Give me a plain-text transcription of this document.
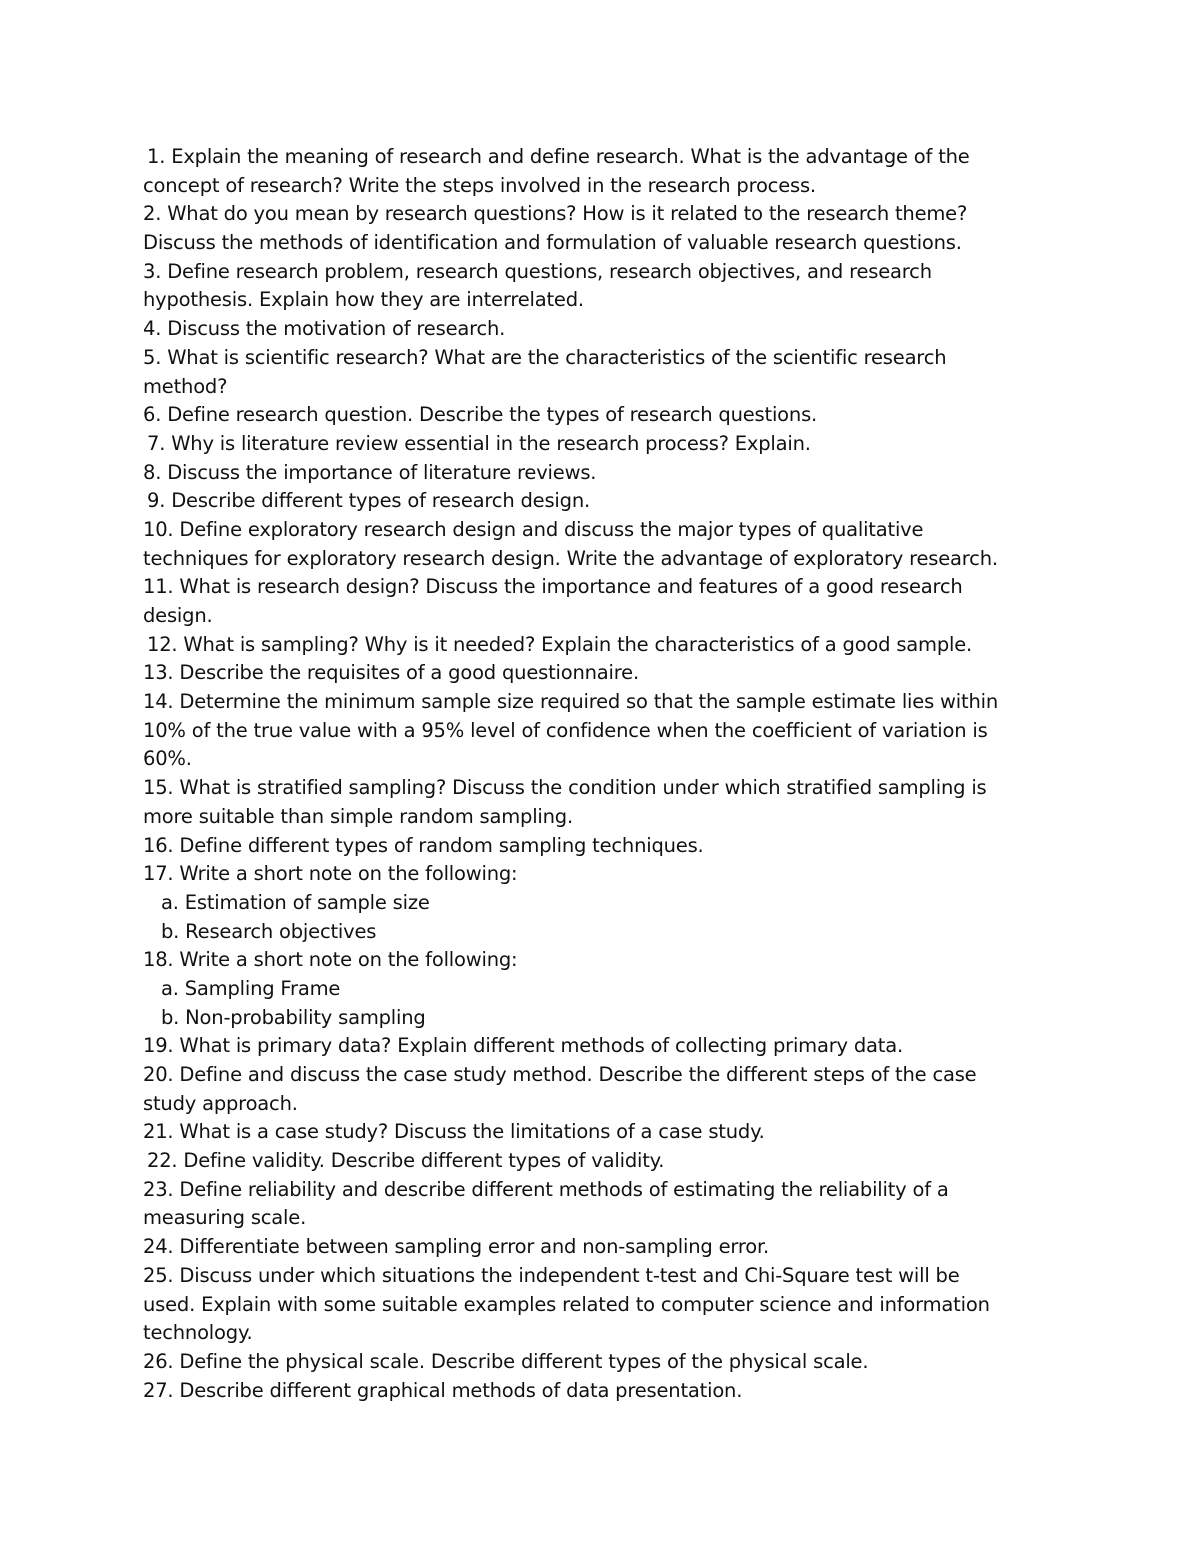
1. Explain the meaning of research and define research. What is the advantage of the
concept of research? Write the steps involved in the research process.
2. What do you mean by research questions? How is it related to the research theme?
Discuss the methods of identification and formulation of valuable research questions.
3. Define research problem, research questions, research objectives, and research
hypothesis. Explain how they are interrelated.
4. Discuss the motivation of research.
5. What is scientific research? What are the characteristics of the scientific research
method?
6. Define research question. Describe the types of research questions.
7. Why is literature review essential in the research process? Explain.
8. Discuss the importance of literature reviews.
9. Describe different types of research design.
10. Define exploratory research design and discuss the major types of qualitative
techniques for exploratory research design. Write the advantage of exploratory research.
11. What is research design? Discuss the importance and features of a good research
design.
12. What is sampling? Why is it needed? Explain the characteristics of a good sample.
13. Describe the requisites of a good questionnaire.
14. Determine the minimum sample size required so that the sample estimate lies within
10% of the true value with a 95% level of confidence when the coefficient of variation is
60%.
15. What is stratified sampling? Discuss the condition under which stratified sampling is
more suitable than simple random sampling.
16. Define different types of random sampling techniques.
17. Write a short note on the following:
a. Estimation of sample size
b. Research objectives
18. Write a short note on the following:
a. Sampling Frame
b. Non-probability sampling
19. What is primary data? Explain different methods of collecting primary data.
20. Define and discuss the case study method. Describe the different steps of the case
study approach.
21. What is a case study? Discuss the limitations of a case study.
22. Define validity. Describe different types of validity.
23. Define reliability and describe different methods of estimating the reliability of a
measuring scale.
24. Differentiate between sampling error and non-sampling error.
25. Discuss under which situations the independent t-test and Chi-Square test will be
used. Explain with some suitable examples related to computer science and information
technology.
26. Define the physical scale. Describe different types of the physical scale.
27. Describe different graphical methods of data presentation.
